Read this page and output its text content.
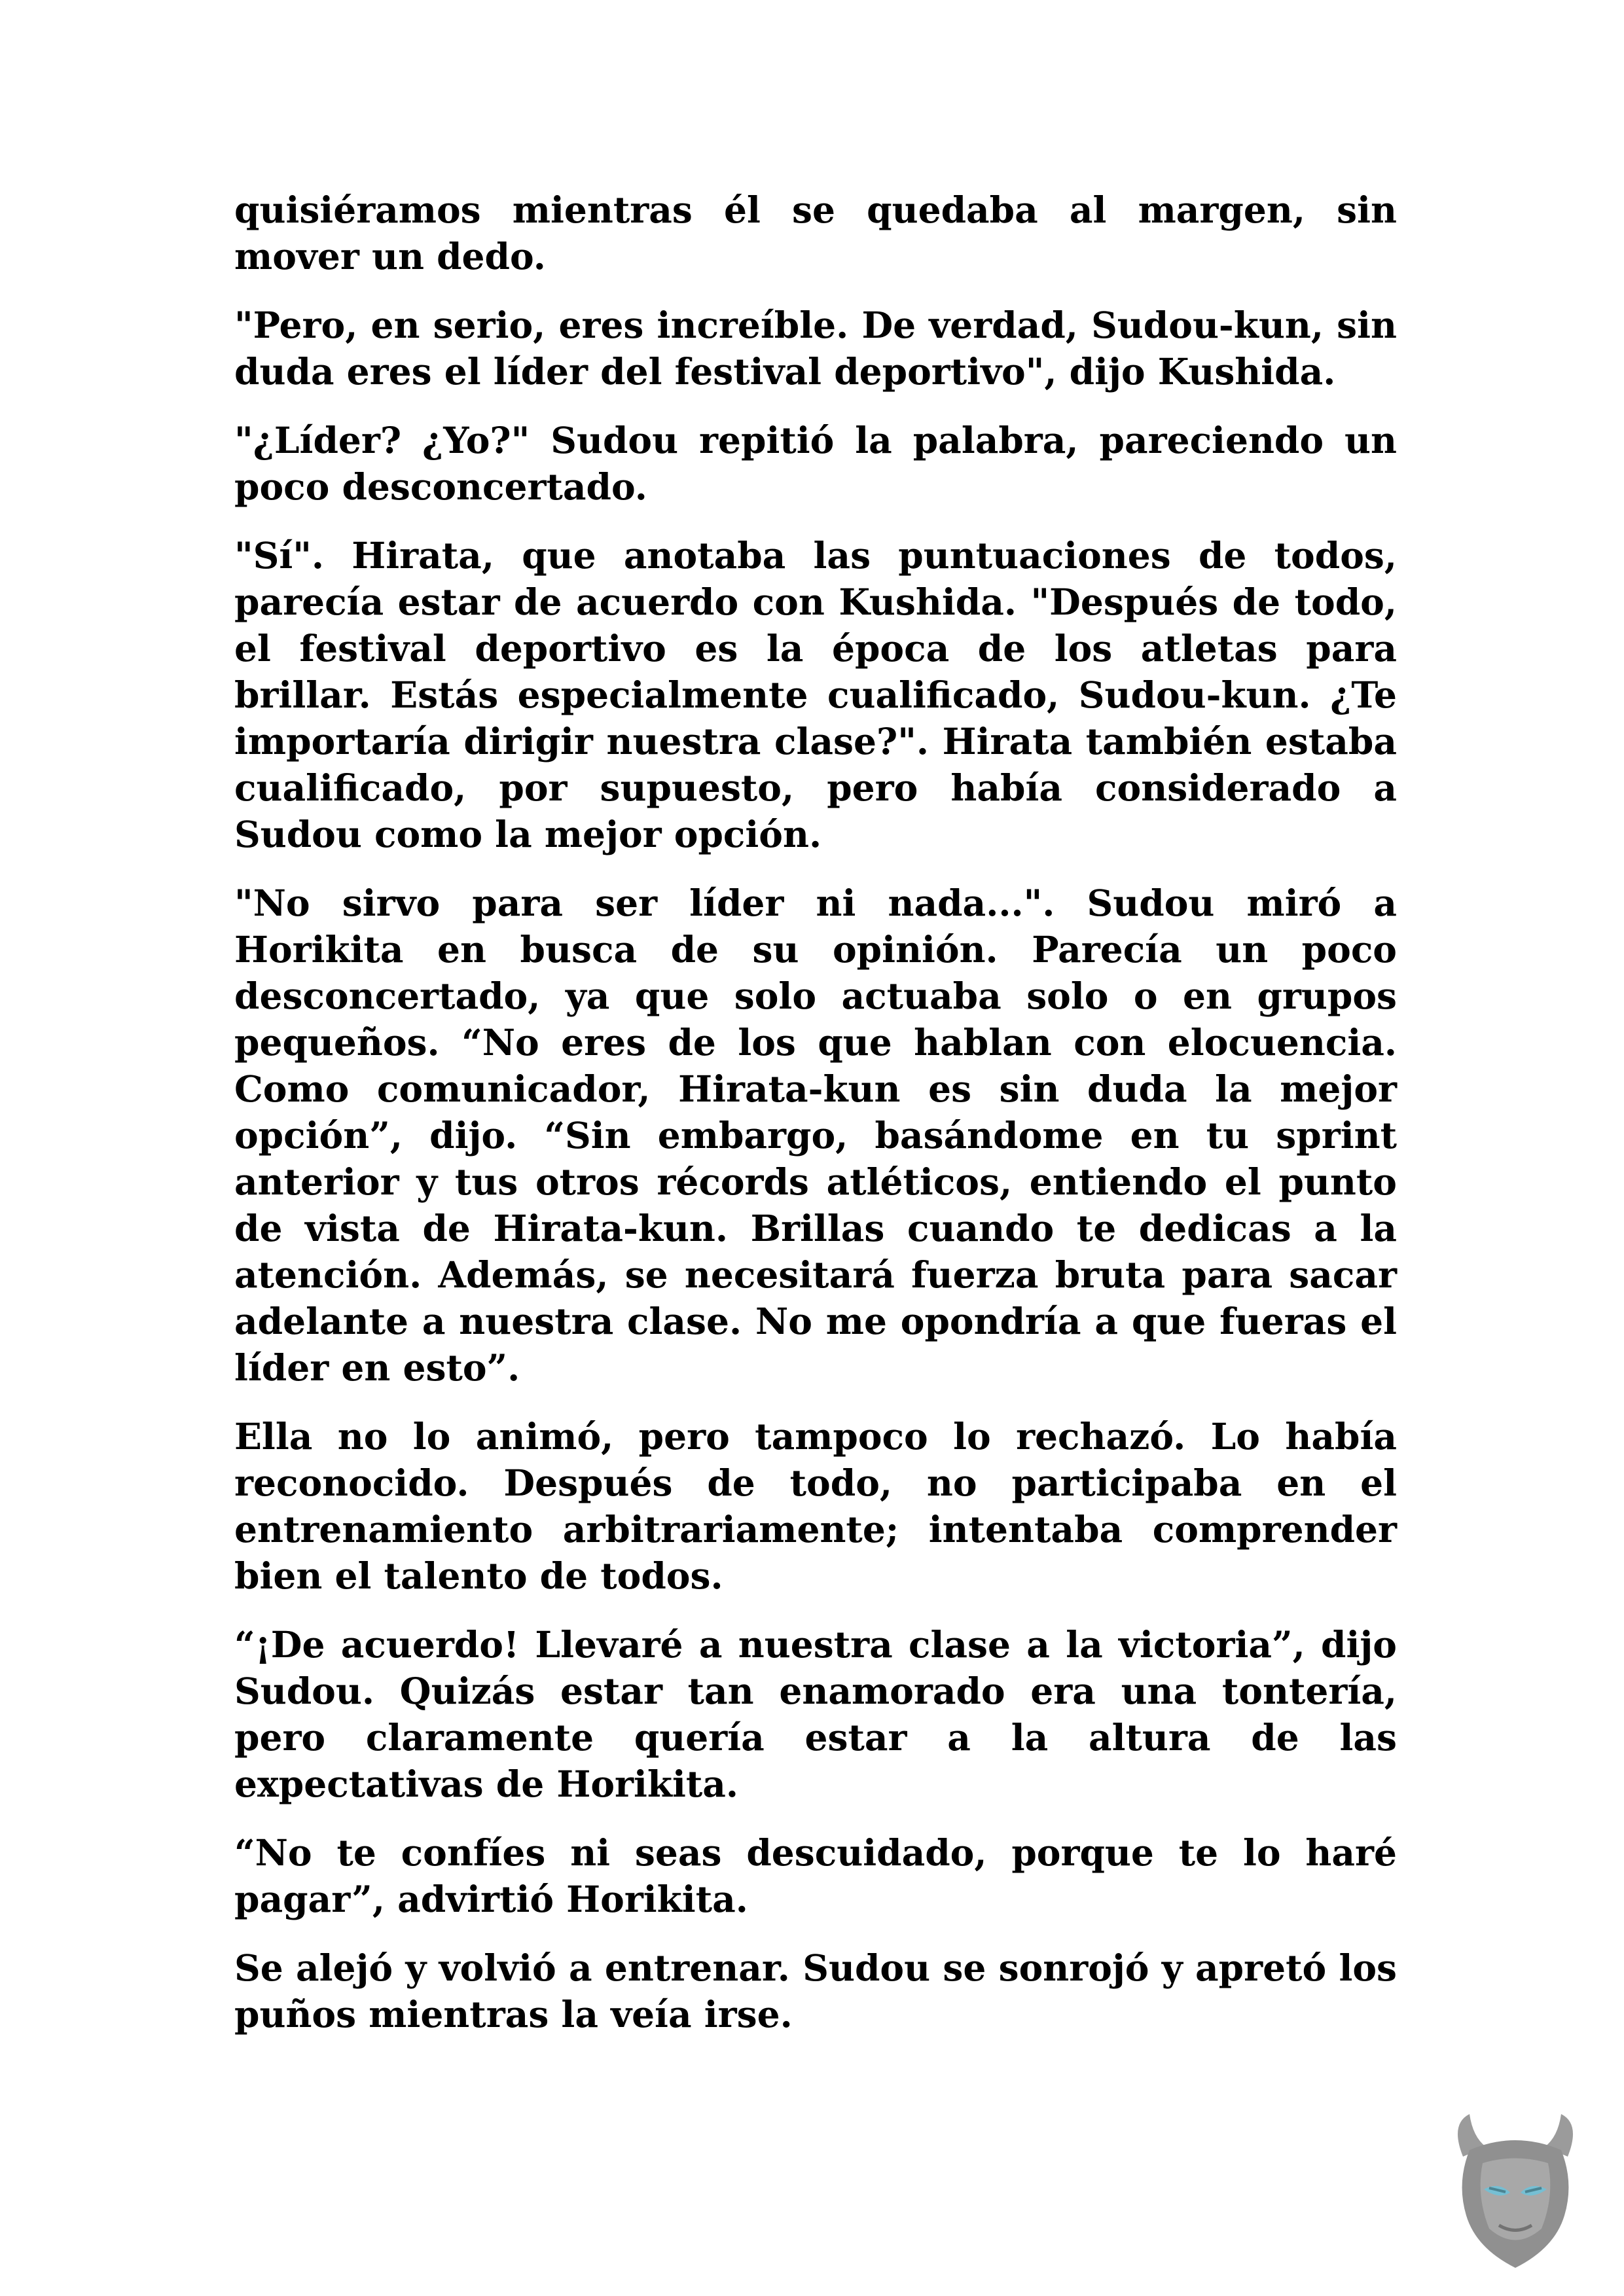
quisiéramos mientras él se quedaba al margen, sin mover un dedo.

"Pero, en serio, eres increíble. De verdad, Sudou-kun, sin duda eres el líder del festival deportivo", dijo Kushida.

"¿Líder? ¿Yo?" Sudou repitió la palabra, pareciendo un poco desconcertado.

"Sí". Hirata, que anotaba las puntuaciones de todos, parecía estar de acuerdo con Kushida. "Después de todo, el festival deportivo es la época de los atletas para brillar. Estás especialmente cualificado, Sudou-kun. ¿Te importaría dirigir nuestra clase?". Hirata también estaba cualificado, por supuesto, pero había considerado a Sudou como la mejor opción.

"No sirvo para ser líder ni nada...". Sudou miró a Horikita en busca de su opinión. Parecía un poco desconcertado, ya que solo actuaba solo o en grupos pequeños. “No eres de los que hablan con elocuencia. Como comunicador, Hirata-kun es sin duda la mejor opción”, dijo. “Sin embargo, basándome en tu sprint anterior y tus otros récords atléticos, entiendo el punto de vista de Hirata-kun. Brillas cuando te dedicas a la atención. Además, se necesitará fuerza bruta para sacar adelante a nuestra clase. No me opondría a que fueras el líder en esto”.

Ella no lo animó, pero tampoco lo rechazó. Lo había reconocido. Después de todo, no participaba en el entrenamiento arbitrariamente; intentaba comprender bien el talento de todos.

“¡De acuerdo! Llevaré a nuestra clase a la victoria”, dijo Sudou. Quizás estar tan enamorado era una tontería, pero claramente quería estar a la altura de las expectativas de Horikita.

“No te confíes ni seas descuidado, porque te lo haré pagar”, advirtió Horikita.

Se alejó y volvió a entrenar. Sudou se sonrojó y apretó los puños mientras la veía irse.
